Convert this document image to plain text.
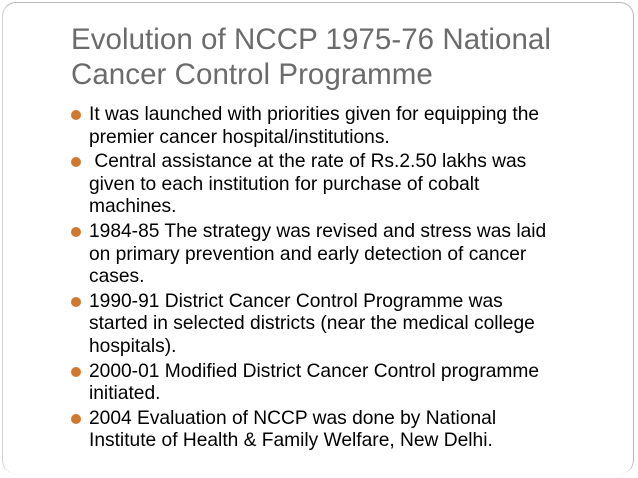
Evolution of NCCP 1975-76 National Cancer Control Programme
It was launched with priorities given for equipping the
premier cancer hospital/institutions.
Central assistance at the rate of Rs.2.50 lakhs was
given to each institution for purchase of cobalt
machines.
1984-85 The strategy was revised and stress was laid
on primary prevention and early detection of cancer
cases.
1990-91 District Cancer Control Programme was
started in selected districts (near the medical college
hospitals).
2000-01 Modified District Cancer Control programme
initiated.
2004 Evaluation of NCCP was done by National
Institute of Health & Family Welfare, New Delhi.
